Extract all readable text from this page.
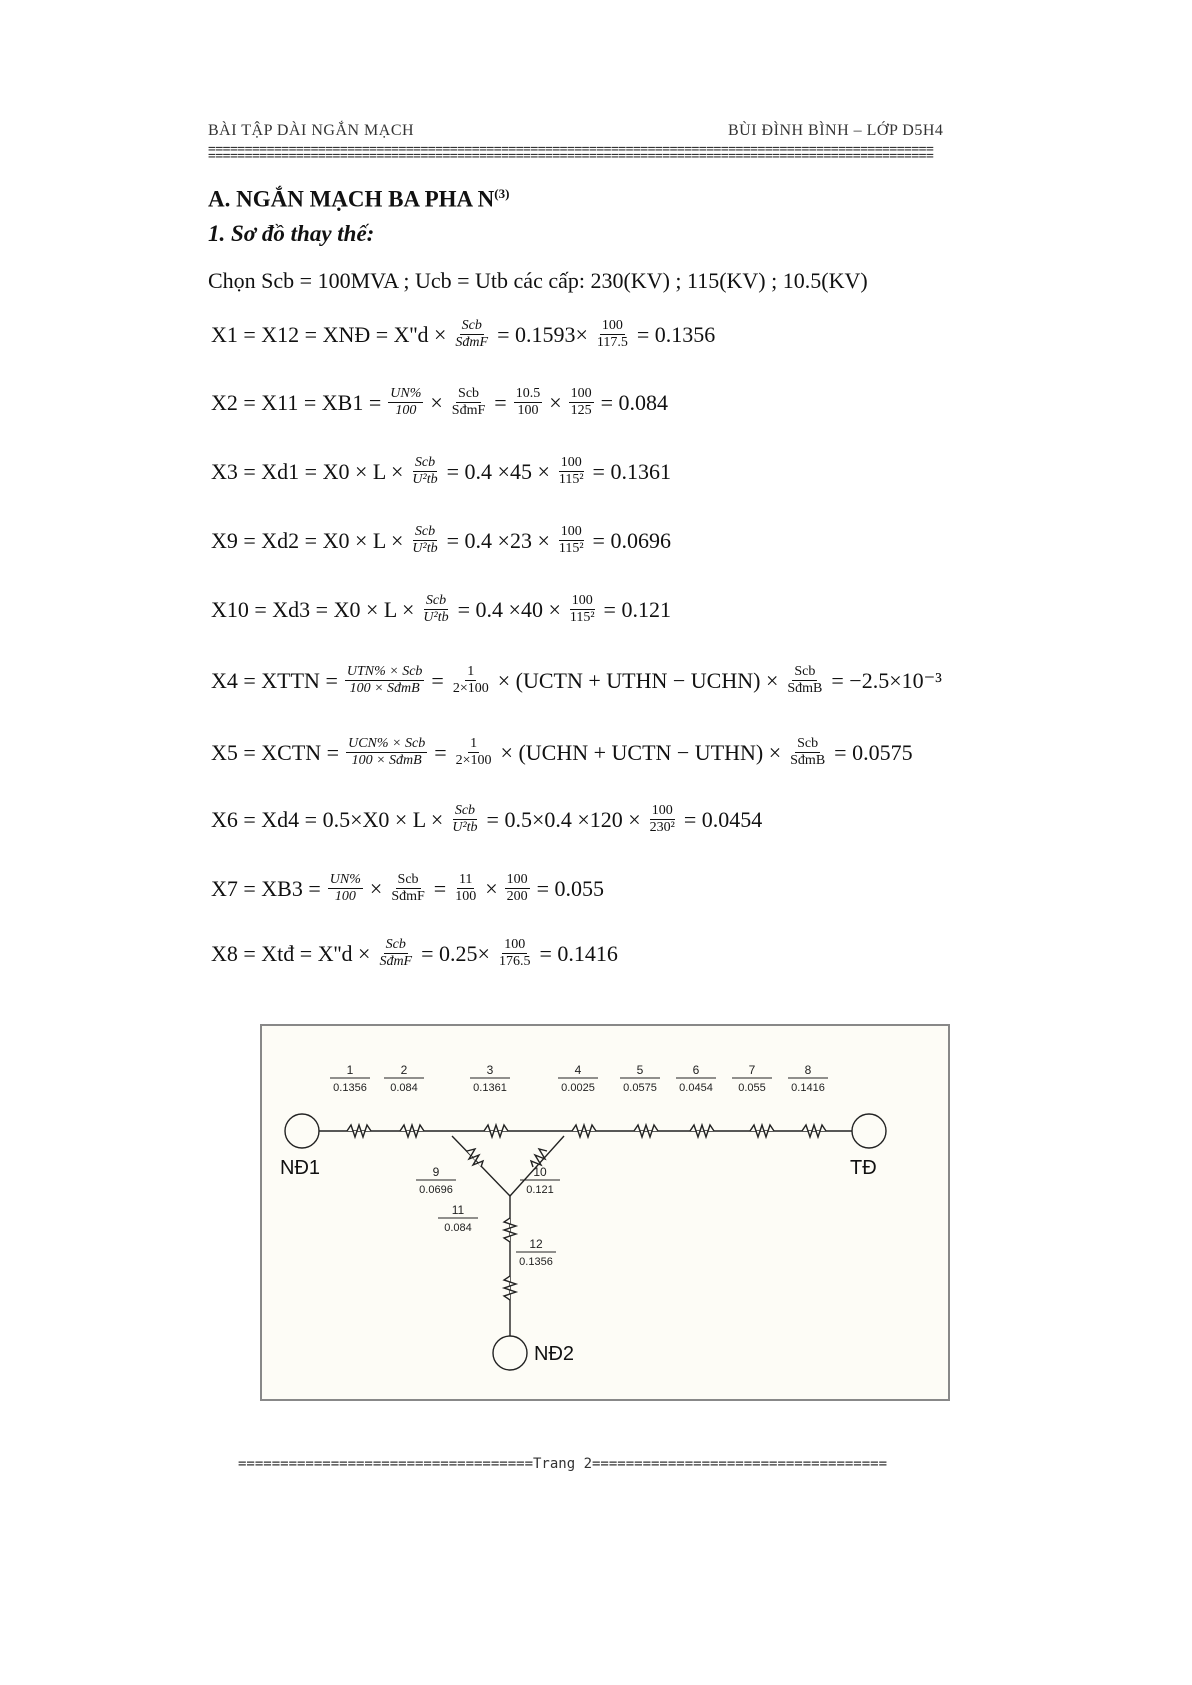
BÀI TẬP DÀI NGẮN MẠCH	BÙI ĐÌNH BÌNH – LỚP D5H4
A. NGẮN MẠCH BA PHA $N^{(3)}$
1. Sơ đồ thay thế:
Chọn Scb = 100MVA ; Ucb = Utb các cấp: 230(KV) ; 115(KV) ; 10.5(KV)
X1 = X12 = XNĐ = $X''d \times \frac{\text{Scb}}{\text{SđmF}} = 0.1593\times \frac{100}{117.5} = 0.1356$
$X2 = X11 = XB1 = \frac{UN\%}{100} \times \frac{\text{Scb}}{\text{SđmF}} = \frac{10.5}{100} \times \frac{100}{125} = 0.084$
$X3 = Xd1 = X0 \times L \times \frac{\text{Scb}}{\text{U²tb}} = 0.4 \times 45 \times \frac{100}{\text{115²}} = 0.1361$
$X9 = Xd2 = X0 \times L \times \frac{\text{Scb}}{\text{U²tb}} = 0.4 \times 23 \times \frac{100}{\text{115²}} = 0.0696$
$X10 = Xd3 = X0 \times L \times \frac{\text{Scb}}{\text{U²tb}} = 0.4 \times 40 \times \frac{100}{\text{115²}} = 0.121$
X4 = XTTN = $\frac{\text{UTN\% × Scb}}{\text{100 × SđmB}} = \frac{1}{2\times 100}$ × (UCTN + UTHN − UCHN) × $\frac{\text{Scb}}{\text{SđmB}} = -2.5\times 10^{-3}$
X5 = XCTN = $\frac{\text{UCN\% × Scb}}{\text{100 × SđmB}} = \frac{1}{2\times 100}$ × (UCHN + UCTN − UTHN) × $\frac{\text{Scb}}{\text{SđmB}} = 0.0575$
$X6 = Xd4 = 0.5\times X0 \times L \times \frac{\text{Scb}}{\text{U²tb}} = 0.5\times 0.4 \times 120 \times \frac{100}{\text{230²}} = 0.0454$
$X7 = XB3 = \frac{UN\%}{100} \times \frac{\text{Scb}}{\text{SđmF}} = \frac{11}{100} \times \frac{100}{200} = 0.055$
X8 = Xtđ = $X''d \times \frac{\text{Scb}}{\text{SđmF}} = 0.25\times \frac{100}{176.5} = 0.1416$
1
0.1356
2
0.084
3
0.1361
4
0.0025
5
0.0575
6
0.0454
7
0.055
8
0.1416
9
0.0696
10
0.121
11
0.084
12
0.1356
NĐ1	TĐ
NĐ2
===================================Trang 2===================================
